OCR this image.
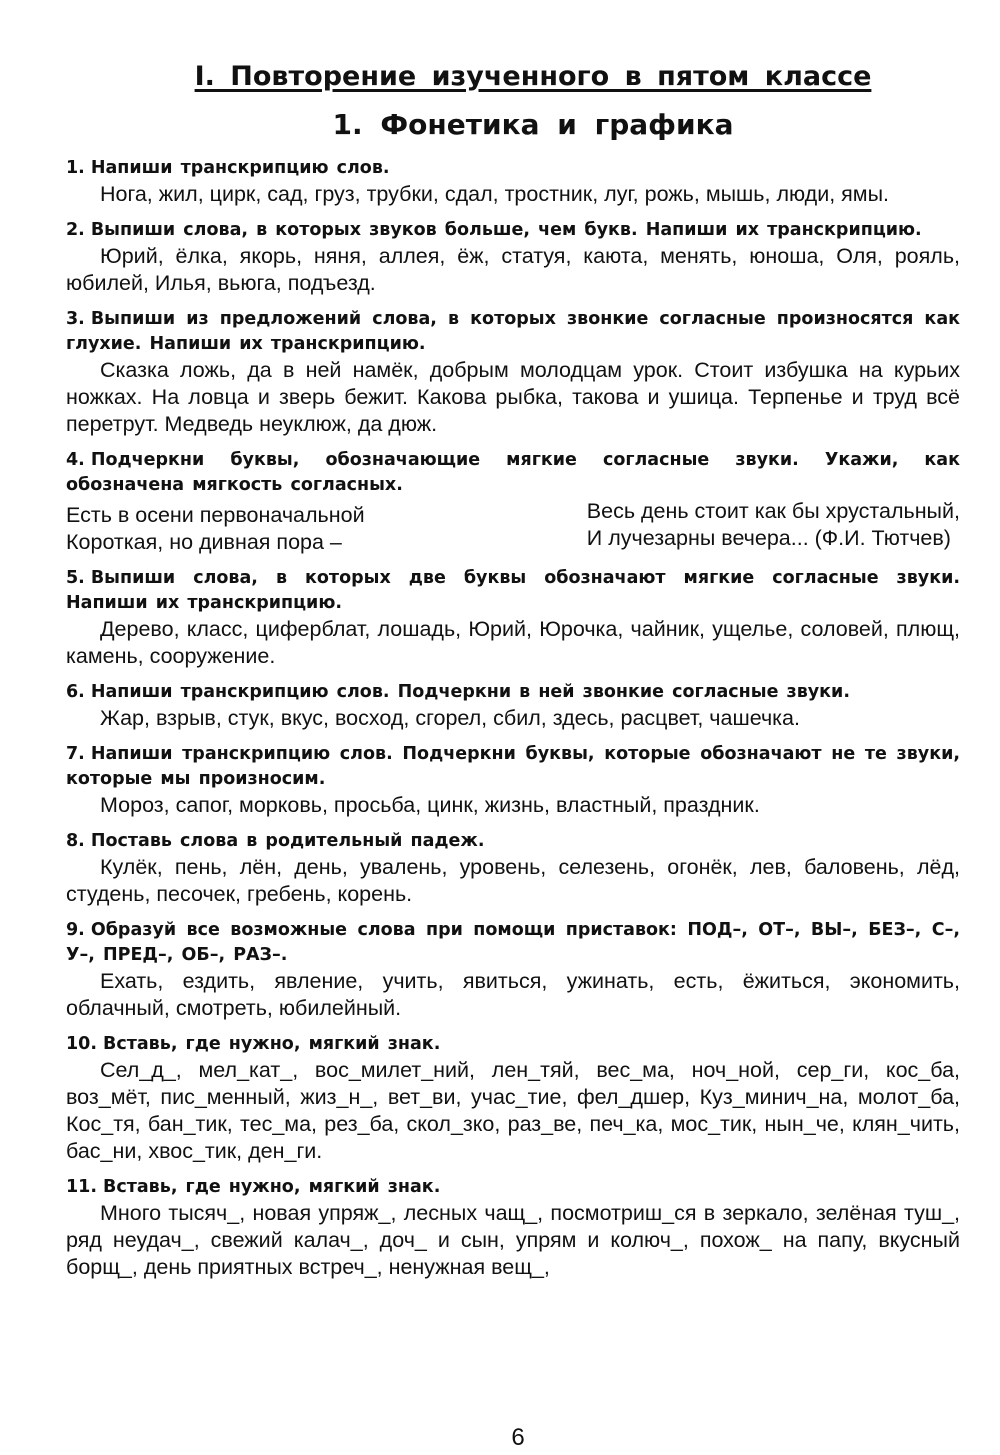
I. Повторение изученного в пятом классе
1. Фонетика и графика
1. Напиши транскрипцию слов.
Нога, жил, цирк, сад, груз, трубки, сдал, тростник, луг, рожь, мышь, люди, ямы.
2. Выпиши слова, в которых звуков больше, чем букв. Напиши их транскрипцию.
Юрий, ёлка, якорь, няня, аллея, ёж, статуя, каюта, менять, юноша, Оля, рояль, юбилей, Илья, вьюга, подъезд.
3. Выпиши из предложений слова, в которых звонкие согласные произносятся как глухие. Напиши их транскрипцию.
Сказка ложь, да в ней намёк, добрым молодцам урок. Стоит избушка на курьих ножках. На ловца и зверь бежит. Какова рыбка, такова и ушица. Терпенье и труд всё перетрут. Медведь неуклюж, да дюж.
4. Подчеркни буквы, обозначающие мягкие согласные звуки. Укажи, как обозначена мягкость согласных.
Есть в осени первоначальной
Короткая, но дивная пора –
Весь день стоит как бы хрустальный,
И лучезарны вечера... (Ф.И. Тютчев)
5. Выпиши слова, в которых две буквы обозначают мягкие согласные звуки. Напиши их транскрипцию.
Дерево, класс, циферблат, лошадь, Юрий, Юрочка, чайник, ущелье, соловей, плющ, камень, сооружение.
6. Напиши транскрипцию слов. Подчеркни в ней звонкие согласные звуки.
Жар, взрыв, стук, вкус, восход, сгорел, сбил, здесь, расцвет, чашечка.
7. Напиши транскрипцию слов. Подчеркни буквы, которые обозначают не те звуки, которые мы произносим.
Мороз, сапог, морковь, просьба, цинк, жизнь, властный, праздник.
8. Поставь слова в родительный падеж.
Кулёк, пень, лён, день, увалень, уровень, селезень, огонёк, лев, баловень, лёд, студень, песочек, гребень, корень.
9. Образуй все возможные слова при помощи приставок: ПОД–, ОТ–, ВЫ–, БЕЗ–, С–, У–, ПРЕД–, ОБ–, РАЗ–.
Ехать, ездить, явление, учить, явиться, ужинать, есть, ёжиться, экономить, облачный, смотреть, юбилейный.
10. Вставь, где нужно, мягкий знак.
Сел_д_, мел_кат_, вос_милет_ний, лен_тяй, вес_ма, ноч_ной, сер_ги, кос_ба, воз_мёт, пис_менный, жиз_н_, вет_ви, учас_тие, фел_дшер, Куз_минич_на, молот_ба, Кос_тя, бан_тик, тес_ма, рез_ба, скол_зко, раз_ве, печ_ка, мос_тик, нын_че, клян_чить, бас_ни, хвос_тик, ден_ги.
11. Вставь, где нужно, мягкий знак.
Много тысяч_, новая упряж_, лесных чащ_, посмотриш_ся в зеркало, зелёная туш_, ряд неудач_, свежий калач_, доч_ и сын, упрям и колюч_, похож_ на папу, вкусный борщ_, день приятных встреч_, ненужная вещ_,
6
